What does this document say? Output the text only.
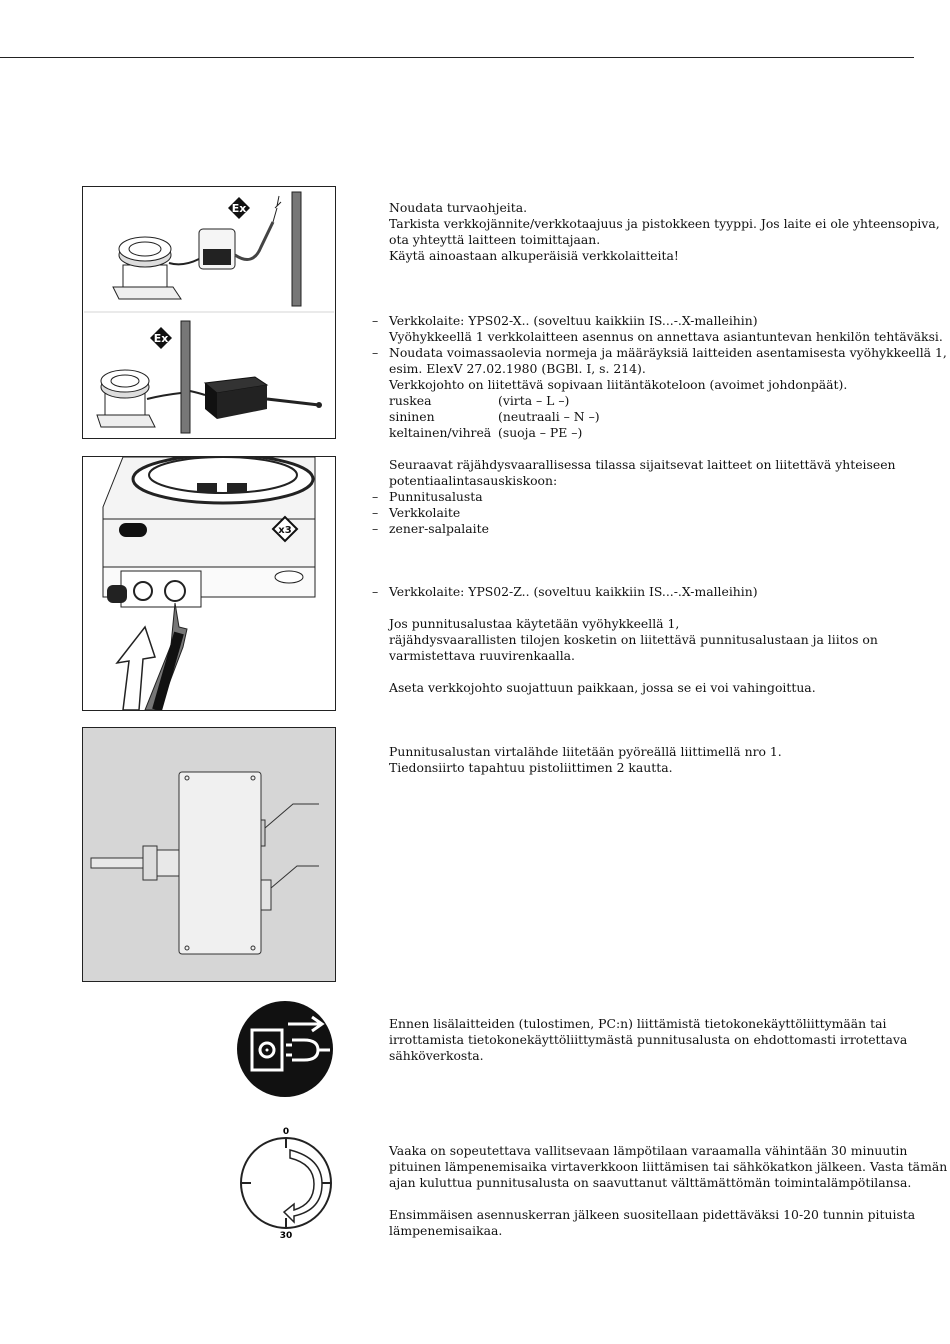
Ex
Ex
x3
0
30

Noudata turvaohjeita.

Tarkista verkkojännite/verkkotaajuus ja pistokkeen tyyppi. Jos laite ei ole yhteensopiva,

ota yhteyttä laitteen toimittajaan.

Käytä ainoastaan alkuperäisiä verkkolaitteita!

– Verkkolaite: YPS02-X.. (soveltuu kaikkiin IS...-.X-malleihin)

Vyöhykkeellä 1 verkkolaitteen asennus on annettava asiantuntevan henkilön tehtäväksi.

– Noudata voimassaolevia normeja ja määräyksiä laitteiden asentamisesta vyöhykkeellä 1,

esim. ElexV 27.02.1980 (BGBl. I, s. 214).

Verkkojohto on liitettävä sopivaan liitäntäkoteloon (avoimet johdonpäät).

ruskea	(virta – L –)
sininen	(neutraali – N –)
keltainen/vihreä (suoja – PE –)

Seuraavat räjähdysvaarallisessa tilassa sijaitsevat laitteet on liitettävä yhteiseen

potentiaalintasauskiskoon:

– Punnitusalusta

– Verkkolaite

– zener-salpalaite

– Verkkolaite: YPS02-Z.. (soveltuu kaikkiin IS...-.X-malleihin)

Jos punnitusalustaa käytetään vyöhykkeellä 1,

räjähdysvaarallisten tilojen kosketin on liitettävä punnitusalustaan ja liitos on

varmistettava ruuvirenkaalla.

Aseta verkkojohto suojattuun paikkaan, jossa se ei voi vahingoittua.

Punnitusalustan virtalähde liitetään pyöreällä liittimellä nro 1.

Tiedonsiirto tapahtuu pistoliittimen 2 kautta.

Ennen lisälaitteiden (tulostimen, PC:n) liittämistä tietokonekäyttöliittymään tai

irrottamista tietokonekäyttöliittymästä punnitusalusta on ehdottomasti irrotettava

sähköverkosta.

Vaaka on sopeutettava vallitsevaan lämpötilaan varaamalla vähintään 30 minuutin

pituinen lämpenemisaika virtaverkkoon liittämisen tai sähkökatkon jälkeen. Vasta tämän

ajan kuluttua punnitusalusta on saavuttanut välttämättömän toimintalämpötilansa.

Ensimmäisen asennuskerran jälkeen suositellaan pidettäväksi 10-20 tunnin pituista

lämpenemisaikaa.
